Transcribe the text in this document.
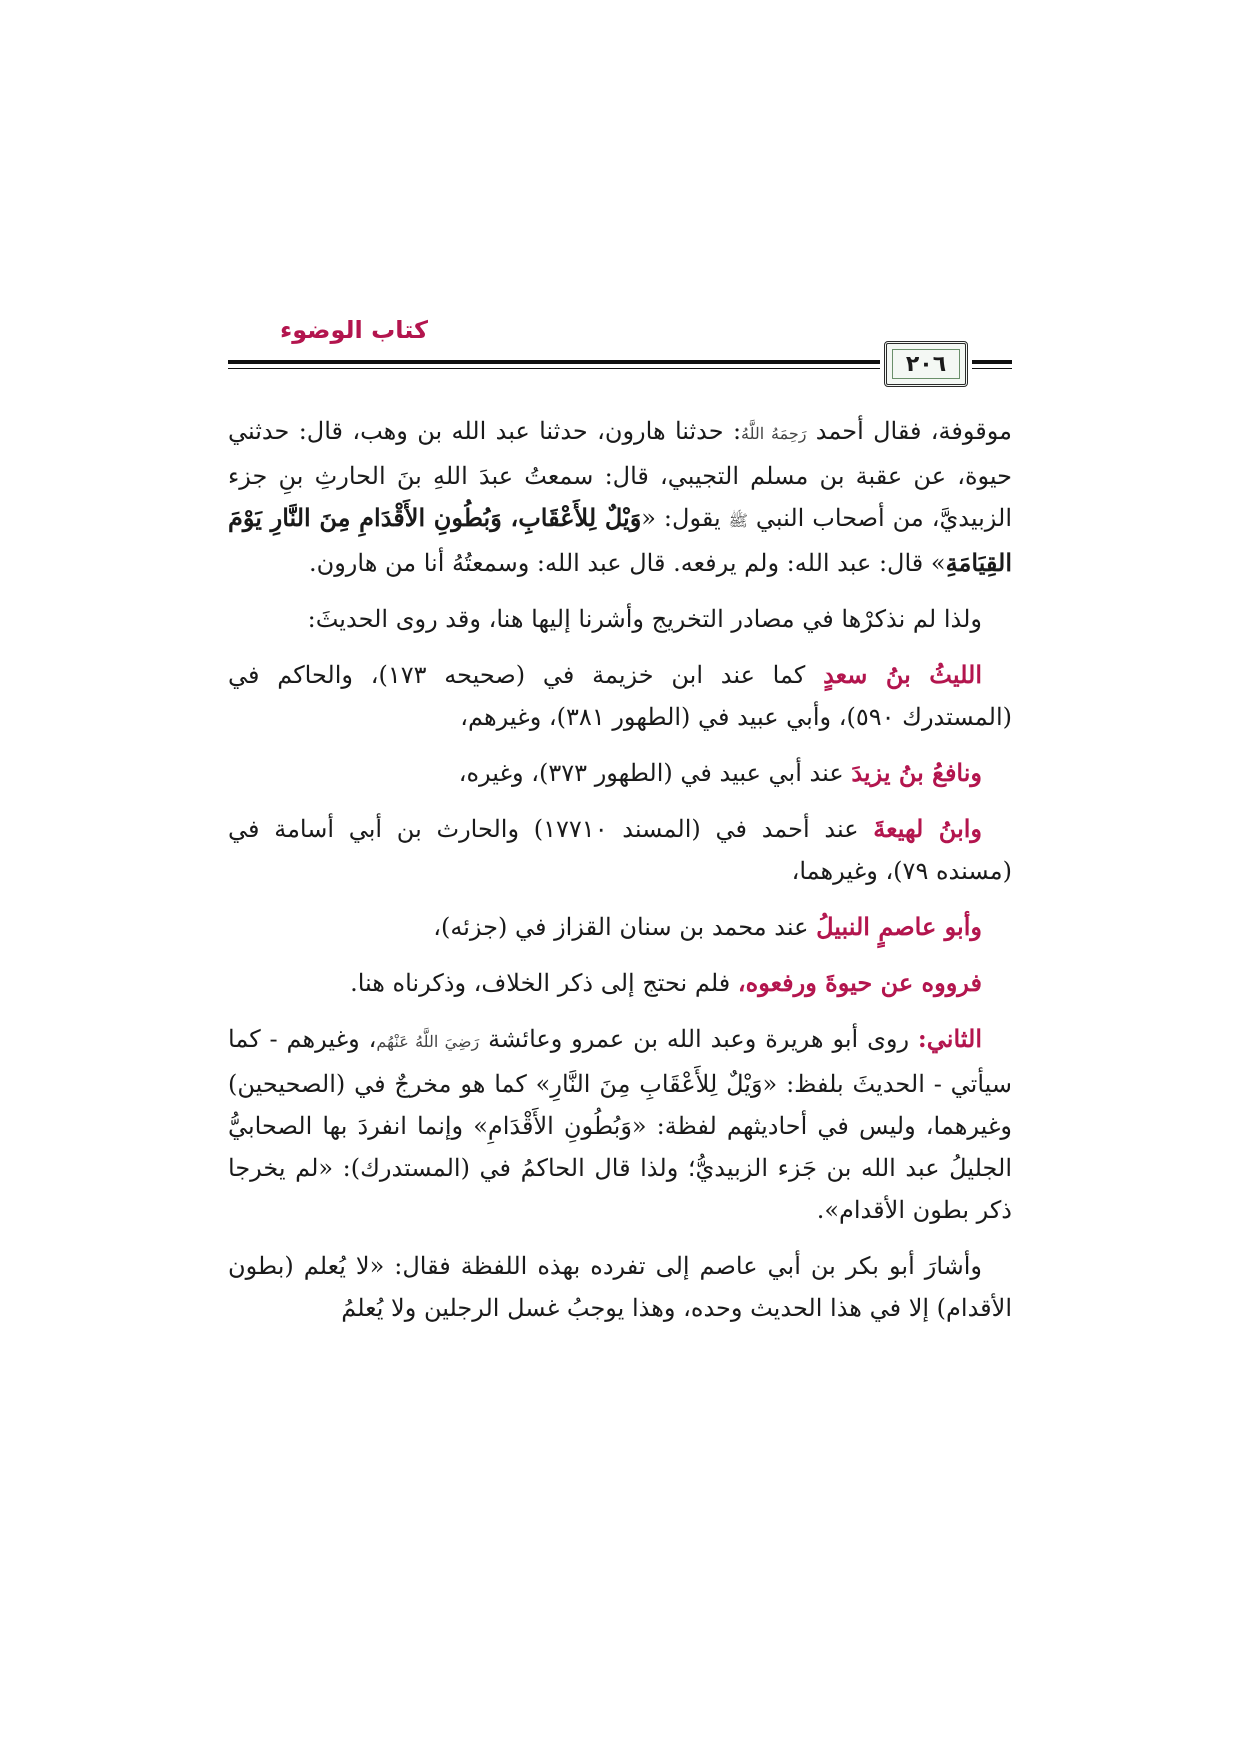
كتاب الوضوء
٢٠٦

موقوفة، فقال أحمد رَحِمَهُ اللَّهُ: حدثنا هارون، حدثنا عبد الله بن وهب، قال: حدثني حيوة، عن عقبة بن مسلم التجيبي، قال: سمعتُ عبدَ اللهِ بنَ الحارثِ بنِ جزء الزبيديَّ، من أصحاب النبي ﷺ يقول: «وَيْلٌ لِلأَعْقَابِ، وَبُطُونِ الأَقْدَامِ مِنَ النَّارِ يَوْمَ القِيَامَةِ» قال: عبد الله: ولم يرفعه. قال عبد الله: وسمعتُهُ أنا من هارون.

ولذا لم نذكرْها في مصادر التخريج وأشرنا إليها هنا، وقد روى الحديثَ:

الليثُ بنُ سعدٍ كما عند ابن خزيمة في (صحيحه ١٧٣)، والحاكم في (المستدرك ٥٩٠)، وأبي عبيد في (الطهور ٣٨١)، وغيرهم،

ونافعُ بنُ يزيدَ عند أبي عبيد في (الطهور ٣٧٣)، وغيره،

وابنُ لهيعةَ عند أحمد في (المسند ١٧٧١٠) والحارث بن أبي أسامة في (مسنده ٧٩)، وغيرهما،

وأبو عاصمٍ النبيلُ عند محمد بن سنان القزاز في (جزئه)،

فرووه عن حيوةَ ورفعوه، فلم نحتج إلى ذكر الخلاف، وذكرناه هنا.

الثاني: روى أبو هريرة وعبد الله بن عمرو وعائشة رَضِيَ اللَّهُ عَنْهُم، وغيرهم - كما سيأتي - الحديثَ بلفظ: «وَيْلٌ لِلأَعْقَابِ مِنَ النَّارِ» كما هو مخرجٌ في (الصحيحين) وغيرهما، وليس في أحاديثهم لفظة: «وَبُطُونِ الأَقْدَامِ» وإنما انفردَ بها الصحابيُّ الجليلُ عبد الله بن جَزء الزبيديُّ؛ ولذا قال الحاكمُ في (المستدرك): «لم يخرجا ذكر بطون الأقدام».

وأشارَ أبو بكر بن أبي عاصم إلى تفرده بهذه اللفظة فقال: «لا يُعلم (بطون الأقدام) إلا في هذا الحديث وحده، وهذا يوجبُ غسل الرجلين ولا يُعلمُ
